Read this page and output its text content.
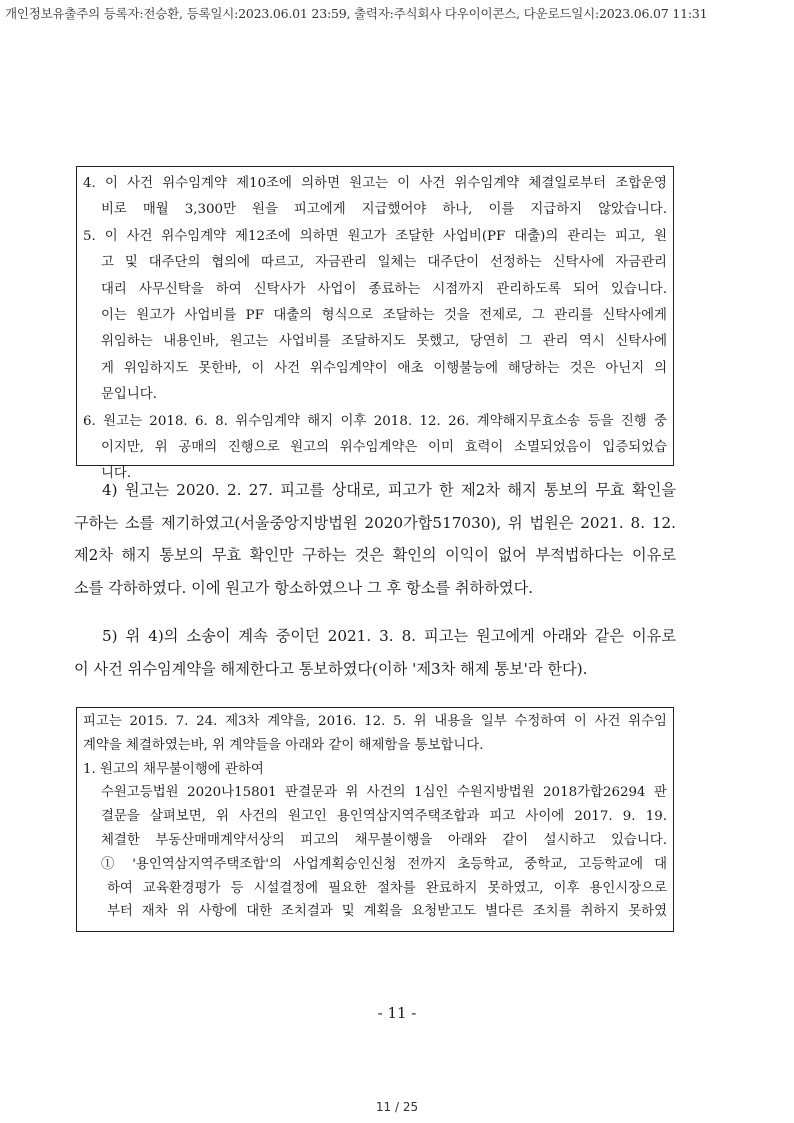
개인정보유출주의 등록자:전승환, 등록일시:2023.06.01 23:59, 출력자:주식회사 다우이이콘스, 다운로드일시:2023.06.07 11:31
4. 이 사건 위수임계약 제10조에 의하면 원고는 이 사건 위수임계약 체결일로부터 조합운영
비로 매월 3,300만 원을 피고에게 지급했어야 하나, 이를 지급하지 않았습니다.
5. 이 사건 위수임계약 제12조에 의하면 원고가 조달한 사업비(PF 대출)의 관리는 피고, 원
고 및 대주단의 협의에 따르고, 자금관리 일체는 대주단이 선정하는 신탁사에 자금관리
대리 사무신탁을 하여 신탁사가 사업이 종료하는 시점까지 관리하도록 되어 있습니다.
이는 원고가 사업비를 PF 대출의 형식으로 조달하는 것을 전제로, 그 관리를 신탁사에게
위임하는 내용인바, 원고는 사업비를 조달하지도 못했고, 당연히 그 관리 역시 신탁사에
게 위임하지도 못한바, 이 사건 위수임계약이 애초 이행불능에 해당하는 것은 아닌지 의
문입니다.
6. 원고는 2018. 6. 8. 위수임계약 해지 이후 2018. 12. 26. 계약해지무효소송 등을 진행 중
이지만, 위 공매의 진행으로 원고의 위수임계약은 이미 효력이 소멸되었음이 입증되었습
니다.
4) 원고는 2020. 2. 27. 피고를 상대로, 피고가 한 제2차 해지 통보의 무효 확인을
구하는 소를 제기하였고(서울중앙지방법원 2020가합517030), 위 법원은 2021. 8. 12.
제2차 해지 통보의 무효 확인만 구하는 것은 확인의 이익이 없어 부적법하다는 이유로
소를 각하하였다. 이에 원고가 항소하였으나 그 후 항소를 취하하였다.
5) 위 4)의 소송이 계속 중이던 2021. 3. 8. 피고는 원고에게 아래와 같은 이유로
이 사건 위수임계약을 해제한다고 통보하였다(이하 '제3차 해제 통보'라 한다).
피고는 2015. 7. 24. 제3차 계약을, 2016. 12. 5. 위 내용을 일부 수정하여 이 사건 위수임
계약을 체결하였는바, 위 계약들을 아래와 같이 해제함을 통보합니다.
1. 원고의 채무불이행에 관하여
수원고등법원 2020나15801 판결문과 위 사건의 1심인 수원지방법원 2018가합26294 판
결문을 살펴보면, 위 사건의 원고인 용인역삼지역주택조합과 피고 사이에 2017. 9. 19.
체결한 부동산매매계약서상의 피고의 채무불이행을 아래와 같이 설시하고 있습니다.
① '용인역삼지역주택조합'의 사업계획승인신청 전까지 초등학교, 중학교, 고등학교에 대
하여 교육환경평가 등 시설결정에 필요한 절차를 완료하지 못하였고, 이후 용인시장으로
부터 재차 위 사항에 대한 조치결과 및 계획을 요청받고도 별다른 조치를 취하지 못하였
- 11 -
11 / 25
